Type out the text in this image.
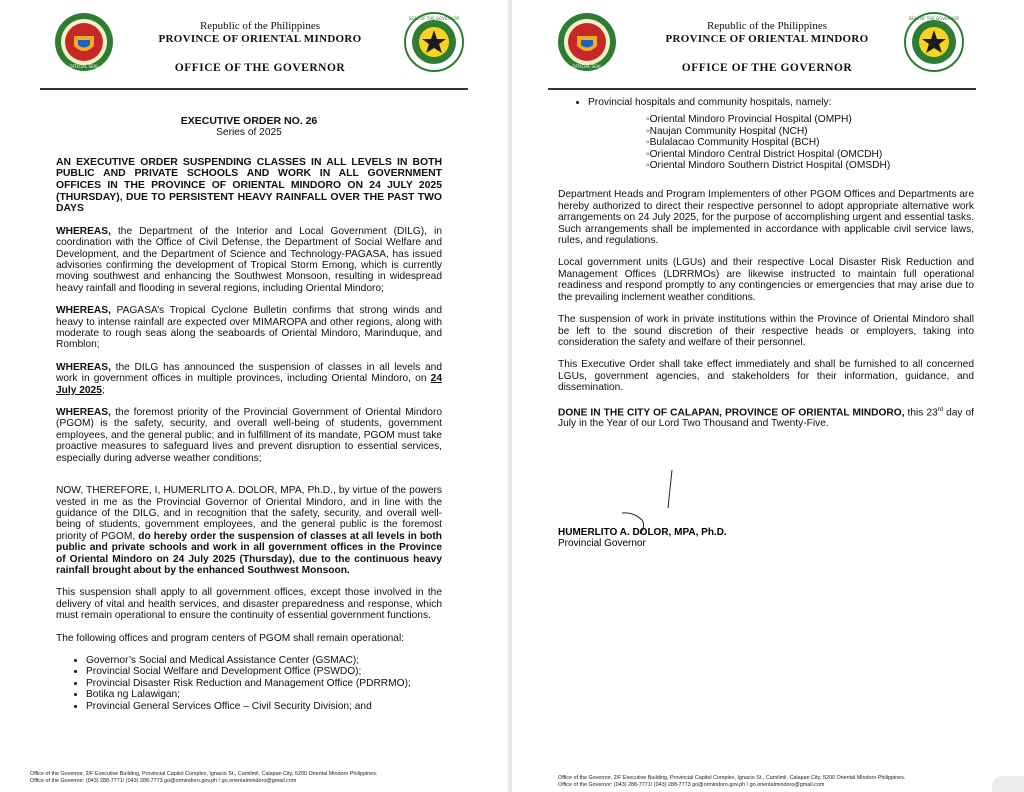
OFFICIAL SEAL
Republic of the Philippines
PROVINCE OF ORIENTAL MINDORO
OFFICE OF THE GOVERNOR
SEAL OF THE GOVERNOR
EXECUTIVE ORDER NO. 26
Series of 2025

AN EXECUTIVE ORDER SUSPENDING CLASSES IN ALL LEVELS IN BOTH PUBLIC AND PRIVATE SCHOOLS AND WORK IN ALL GOVERNMENT OFFICES IN THE PROVINCE OF ORIENTAL MINDORO ON 24 JULY 2025 (THURSDAY), DUE TO PERSISTENT HEAVY RAINFALL OVER THE PAST TWO DAYS

WHEREAS, the Department of the Interior and Local Government (DILG), in coordination with the Office of Civil Defense, the Department of Social Welfare and Development, and the Department of Science and Technology-PAGASA, has issued advisories confirming the development of Tropical Storm Emong, which is currently moving southwest and enhancing the Southwest Monsoon, resulting in widespread heavy rainfall and flooding in several regions, including Oriental Mindoro;

WHEREAS, PAGASA’s Tropical Cyclone Bulletin confirms that strong winds and heavy to intense rainfall are expected over MIMAROPA and other regions, along with moderate to rough seas along the seaboards of Oriental Mindoro, Marinduque, and Romblon;

WHEREAS, the DILG has announced the suspension of classes in all levels and work in government offices in multiple provinces, including Oriental Mindoro, on 24 July 2025;

WHEREAS, the foremost priority of the Provincial Government of Oriental Mindoro (PGOM) is the safety, security, and overall well-being of students, government employees, and the general public; and in fulfillment of its mandate, PGOM must take proactive measures to safeguard lives and prevent disruption to essential services, especially during adverse weather conditions;

NOW, THEREFORE, I, HUMERLITO A. DOLOR, MPA, Ph.D., by virtue of the powers vested in me as the Provincial Governor of Oriental Mindoro, and in line with the guidance of the DILG, and in recognition that the safety, security, and overall well-being of students, government employees, and the general public is the foremost priority of PGOM, do hereby order the suspension of classes at all levels in both public and private schools and work in all government offices in the Province of Oriental Mindoro on 24 July 2025 (Thursday), due to the continuous heavy rainfall brought about by the enhanced Southwest Monsoon.

This suspension shall apply to all government offices, except those involved in the delivery of vital and health services, and disaster preparedness and response, which must remain operational to ensure the continuity of essential government functions.

The following offices and program centers of PGOM shall remain operational:

• Governor’s Social and Medical Assistance Center (GSMAC);
• Provincial Social Welfare and Development Office (PSWDO);
• Provincial Disaster Risk Reduction and Management Office (PDRRMO);
• Botika ng Lalawigan;
• Provincial General Services Office – Civil Security Division; and
Office of the Governor, 2/F Executive Building, Provincial Capitol Complex, Ignacio St., Camilmil, Calapan City, 5200 Oriental Mindoro Philippines.
Office of the Governor: (043) 288-7771/ (043) 288-7773 go@ormindoro.gov.ph / go.orientalmindoro@gmail.com
OFFICIAL SEAL
Republic of the Philippines
PROVINCE OF ORIENTAL MINDORO
OFFICE OF THE GOVERNOR
SEAL OF THE GOVERNOR
• Provincial hospitals and community hospitals, namely:
◦ Oriental Mindoro Provincial Hospital (OMPH)
◦ Naujan Community Hospital (NCH)
◦ Bulalacao Community Hospital (BCH)
◦ Oriental Mindoro Central District Hospital (OMCDH)
◦ Oriental Mindoro Southern District Hospital (OMSDH)

Department Heads and Program Implementers of other PGOM Offices and Departments are hereby authorized to direct their respective personnel to adopt appropriate alternative work arrangements on 24 July 2025, for the purpose of accomplishing urgent and essential tasks. Such arrangements shall be implemented in accordance with applicable civil service laws, rules, and regulations.

Local government units (LGUs) and their respective Local Disaster Risk Reduction and Management Offices (LDRRMOs) are likewise instructed to maintain full operational readiness and respond promptly to any contingencies or emergencies that may arise due to the prevailing inclement weather conditions.

The suspension of work in private institutions within the Province of Oriental Mindoro shall be left to the sound discretion of their respective heads or employers, taking into consideration the safety and welfare of their personnel.

This Executive Order shall take effect immediately and shall be furnished to all concerned LGUs, government agencies, and stakeholders for their information, guidance, and dissemination.

DONE IN THE CITY OF CALAPAN, PROVINCE OF ORIENTAL MINDORO, this 23rd day of July in the Year of our Lord Two Thousand and Twenty-Five.

HUMERLITO A. DOLOR, MPA, Ph.D.
Provincial Governor
Office of the Governor, 2/F Executive Building, Provincial Capitol Complex, Ignacio St., Camilmil, Calapan City, 5200 Oriental Mindoro Philippines.
Office of the Governor: (043) 288-7771/ (043) 288-7773 go@ormindoro.gov.ph / go.orientalmindoro@gmail.com
